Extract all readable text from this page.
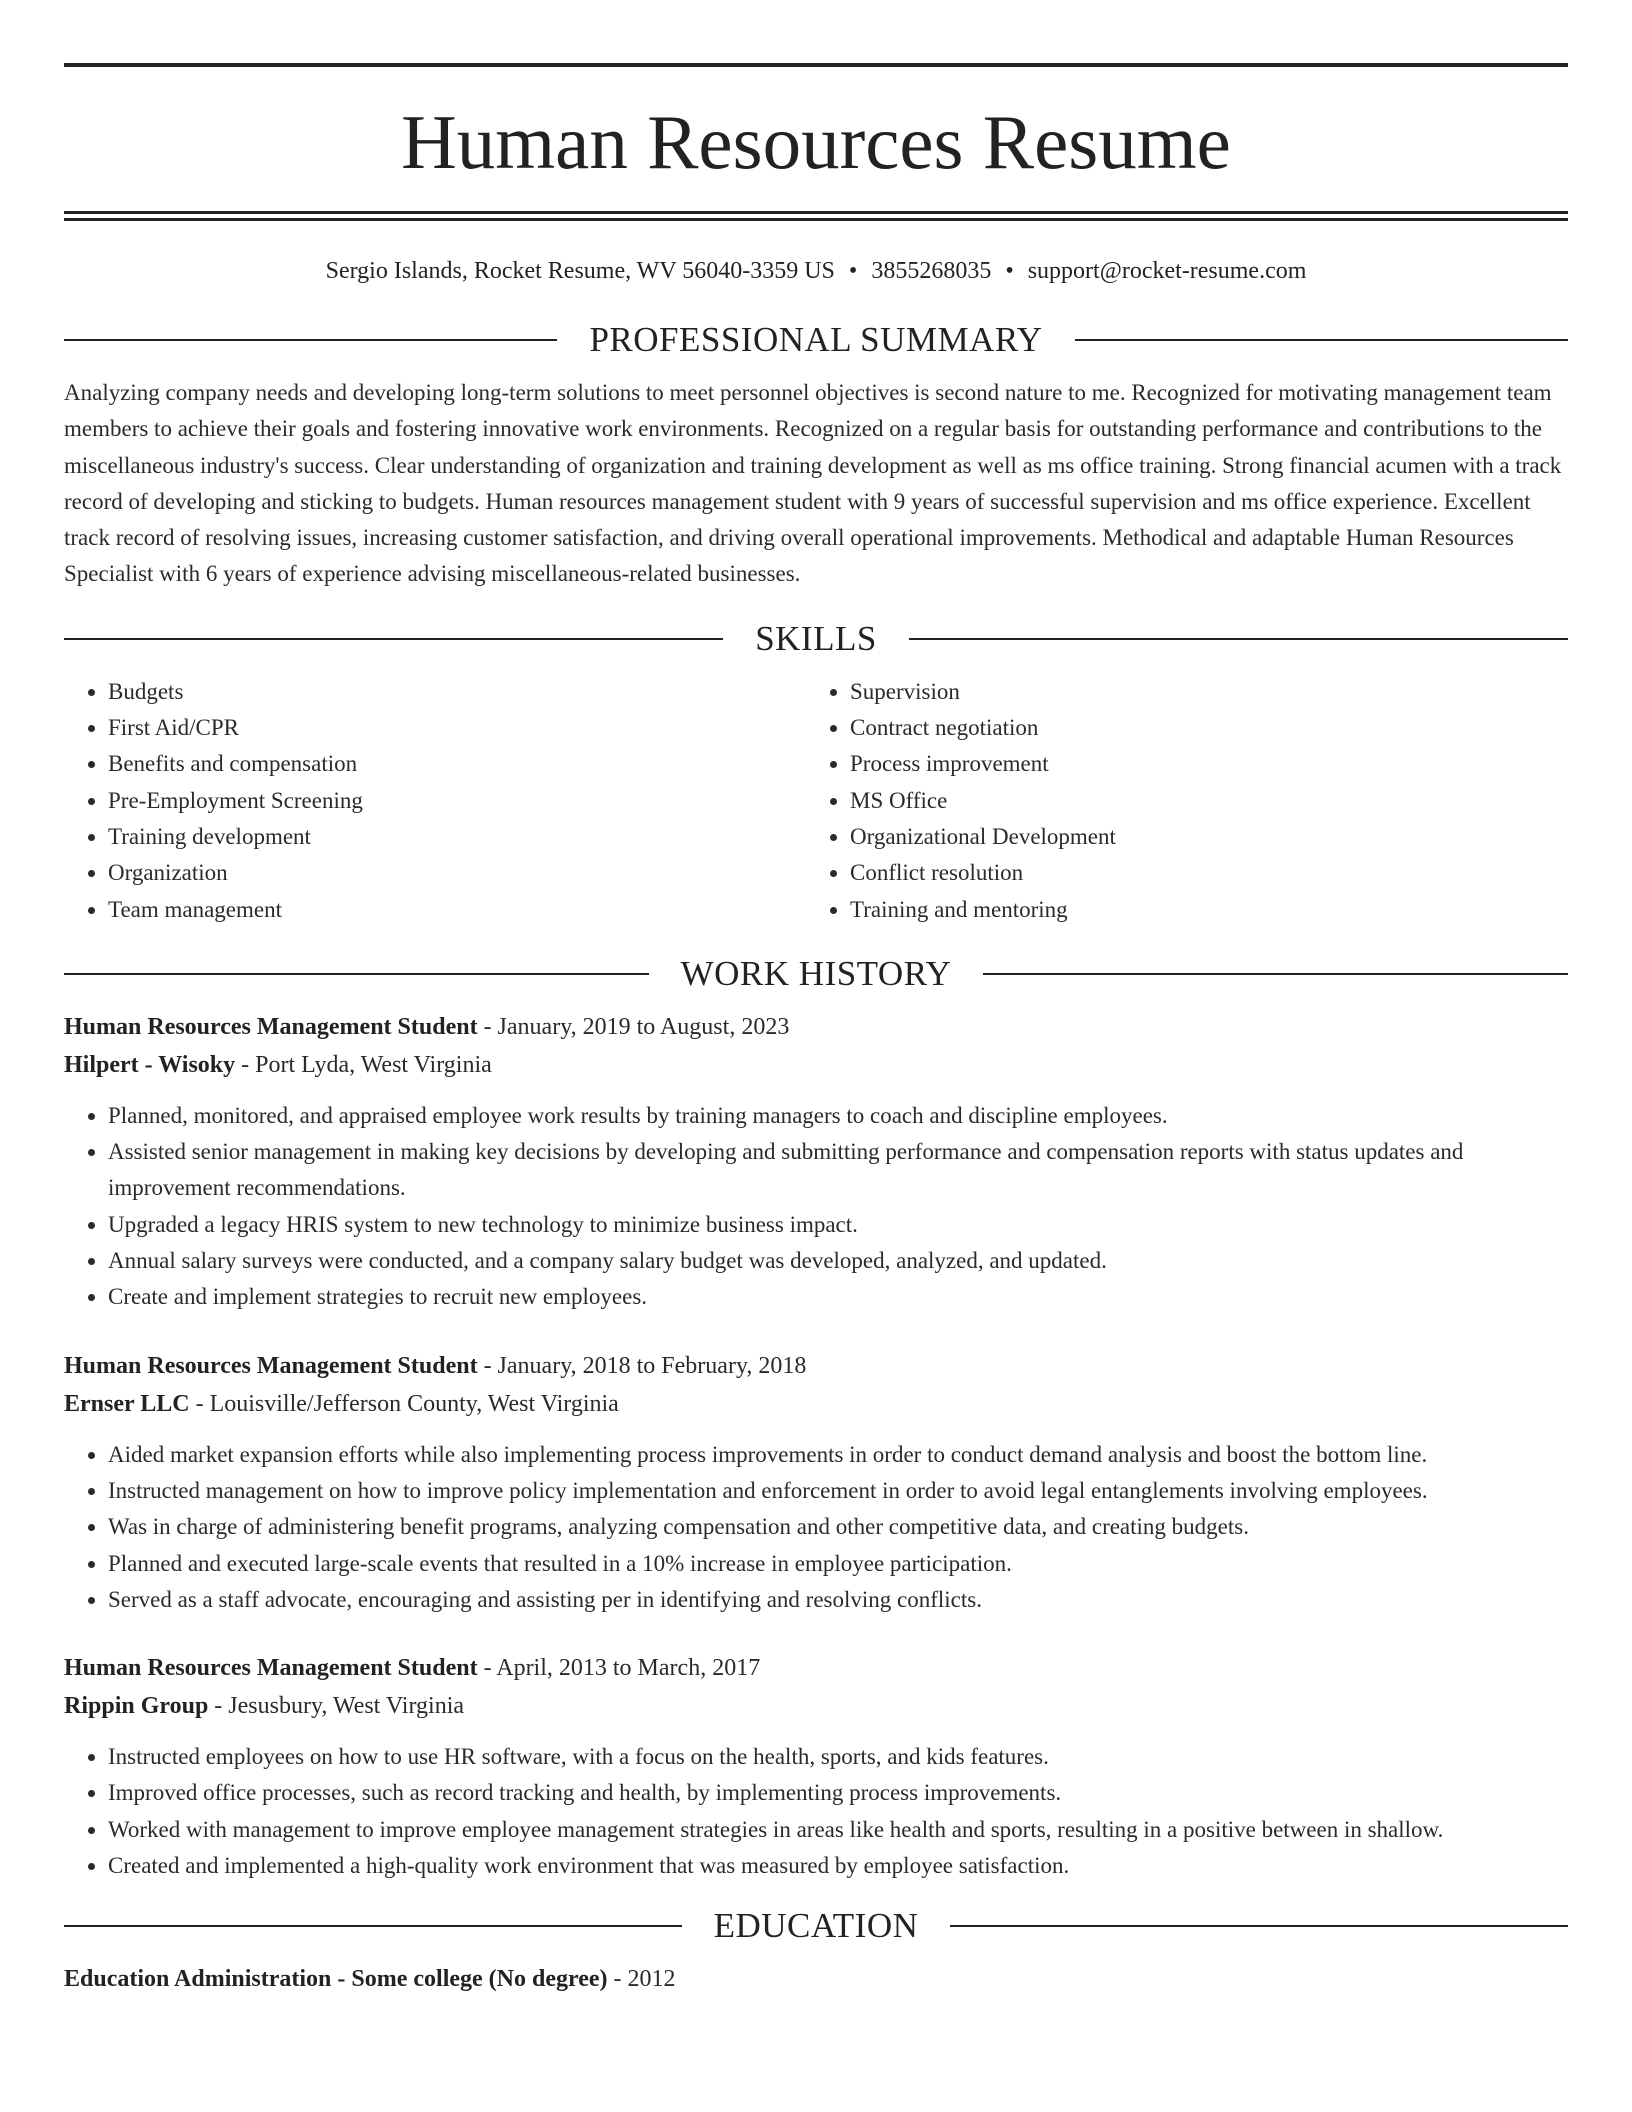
Human Resources Resume
Sergio Islands, Rocket Resume, WV 56040-3359 US • 3855268035 • support@rocket-resume.com
PROFESSIONAL SUMMARY

Analyzing company needs and developing long-term solutions to meet personnel objectives is second nature to me. Recognized for motivating management team members to achieve their goals and fostering innovative work environments. Recognized on a regular basis for outstanding performance and contributions to the miscellaneous industry's success. Clear understanding of organization and training development as well as ms office training. Strong financial acumen with a track record of developing and sticking to budgets. Human resources management student with 9 years of successful supervision and ms office experience. Excellent track record of resolving issues, increasing customer satisfaction, and driving overall operational improvements. Methodical and adaptable Human Resources Specialist with 6 years of experience advising miscellaneous-related businesses.

SKILLS
• Budgets
• First Aid/CPR
• Benefits and compensation
• Pre-Employment Screening
• Training development
• Organization
• Team management
• Supervision
• Contract negotiation
• Process improvement
• MS Office
• Organizational Development
• Conflict resolution
• Training and mentoring
WORK HISTORY
Human Resources Management Student - January, 2019 to August, 2023
Hilpert - Wisoky - Port Lyda, West Virginia
• Planned, monitored, and appraised employee work results by training managers to coach and discipline employees.
• Assisted senior management in making key decisions by developing and submitting performance and compensation reports with status updates and improvement recommendations.
• Upgraded a legacy HRIS system to new technology to minimize business impact.
• Annual salary surveys were conducted, and a company salary budget was developed, analyzed, and updated.
• Create and implement strategies to recruit new employees.
Human Resources Management Student - January, 2018 to February, 2018
Ernser LLC - Louisville/Jefferson County, West Virginia
• Aided market expansion efforts while also implementing process improvements in order to conduct demand analysis and boost the bottom line.
• Instructed management on how to improve policy implementation and enforcement in order to avoid legal entanglements involving employees.
• Was in charge of administering benefit programs, analyzing compensation and other competitive data, and creating budgets.
• Planned and executed large-scale events that resulted in a 10% increase in employee participation.
• Served as a staff advocate, encouraging and assisting per in identifying and resolving conflicts.
Human Resources Management Student - April, 2013 to March, 2017
Rippin Group - Jesusbury, West Virginia
• Instructed employees on how to use HR software, with a focus on the health, sports, and kids features.
• Improved office processes, such as record tracking and health, by implementing process improvements.
• Worked with management to improve employee management strategies in areas like health and sports, resulting in a positive between in shallow.
• Created and implemented a high-quality work environment that was measured by employee satisfaction.
EDUCATION
Education Administration - Some college (No degree) - 2012
